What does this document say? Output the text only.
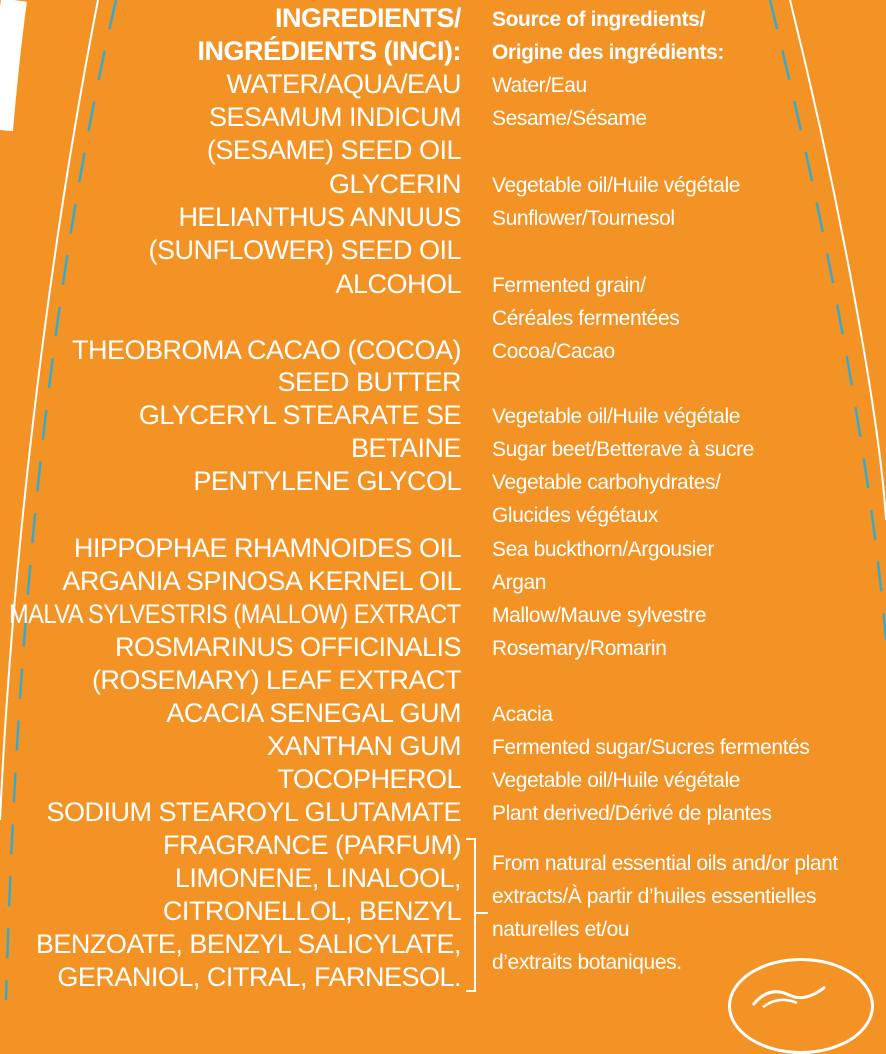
INGREDIENTS/
INGRÉDIENTS (INCI):
WATER/AQUA/EAU
SESAMUM INDICUM
(SESAME) SEED OIL
GLYCERIN
HELIANTHUS ANNUUS
(SUNFLOWER) SEED OIL
ALCOHOL
THEOBROMA CACAO (COCOA)
SEED BUTTER
GLYCERYL STEARATE SE
BETAINE
PENTYLENE GLYCOL
HIPPOPHAE RHAMNOIDES OIL
ARGANIA SPINOSA KERNEL OIL
MALVA SYLVESTRIS (MALLOW) EXTRACT
ROSMARINUS OFFICINALIS
(ROSEMARY) LEAF EXTRACT
ACACIA SENEGAL GUM
XANTHAN GUM
TOCOPHEROL
SODIUM STEAROYL GLUTAMATE
FRAGRANCE (PARFUM)
LIMONENE, LINALOOL,
CITRONELLOL, BENZYL
BENZOATE, BENZYL SALICYLATE,
GERANIOL, CITRAL, FARNESOL.
Source of ingredients/
Origine des ingrédients:
Water/Eau
Sesame/Sésame
Vegetable oil/Huile végétale
Sunflower/Tournesol
Fermented grain/
Céréales fermentées
Cocoa/Cacao
Vegetable oil/Huile végétale
Sugar beet/Betterave à sucre
Vegetable carbohydrates/
Glucides végétaux
Sea buckthorn/Argousier
Argan
Mallow/Mauve sylvestre
Rosemary/Romarin
Acacia
Fermented sugar/Sucres fermentés
Vegetable oil/Huile végétale
Plant derived/Dérivé de plantes
From natural essential oils and/or plant
extracts/À partir d’huiles essentielles
naturelles et/ou
d’extraits botaniques.
